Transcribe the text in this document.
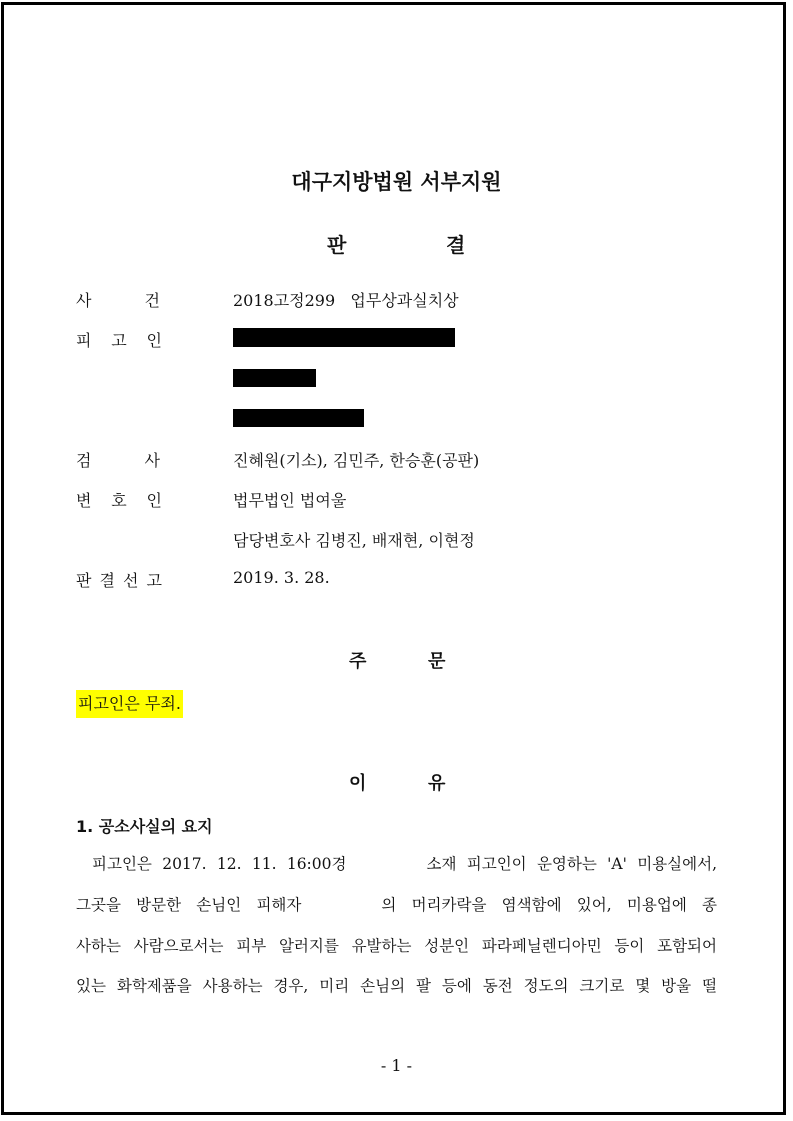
대구지방법원 서부지원
판	결
사	건	2018고정299   업무상과실치상
피 고 인
검	사	진혜원(기소), 김민주, 한승훈(공판)
변 호 인	법무법인 법여울
담당변호사 김병진, 배재현, 이현정
판 결 선 고	2019. 3. 28.
주	문
피고인은 무죄.
이	유
1. 공소사실의 요지
피고인은 2017. 12. 11. 16:00경	소재 피고인이 운영하는 'A' 미용실에서,
그곳을 방문한 손님인 피해자	의 머리카락을 염색함에 있어, 미용업에 종
사하는 사람으로서는 피부 알러지를 유발하는 성분인 파라페닐렌디아민 등이 포함되어
있는 화학제품을 사용하는 경우, 미리 손님의 팔 등에 동전 정도의 크기로 몇 방울 떨
- 1 -
